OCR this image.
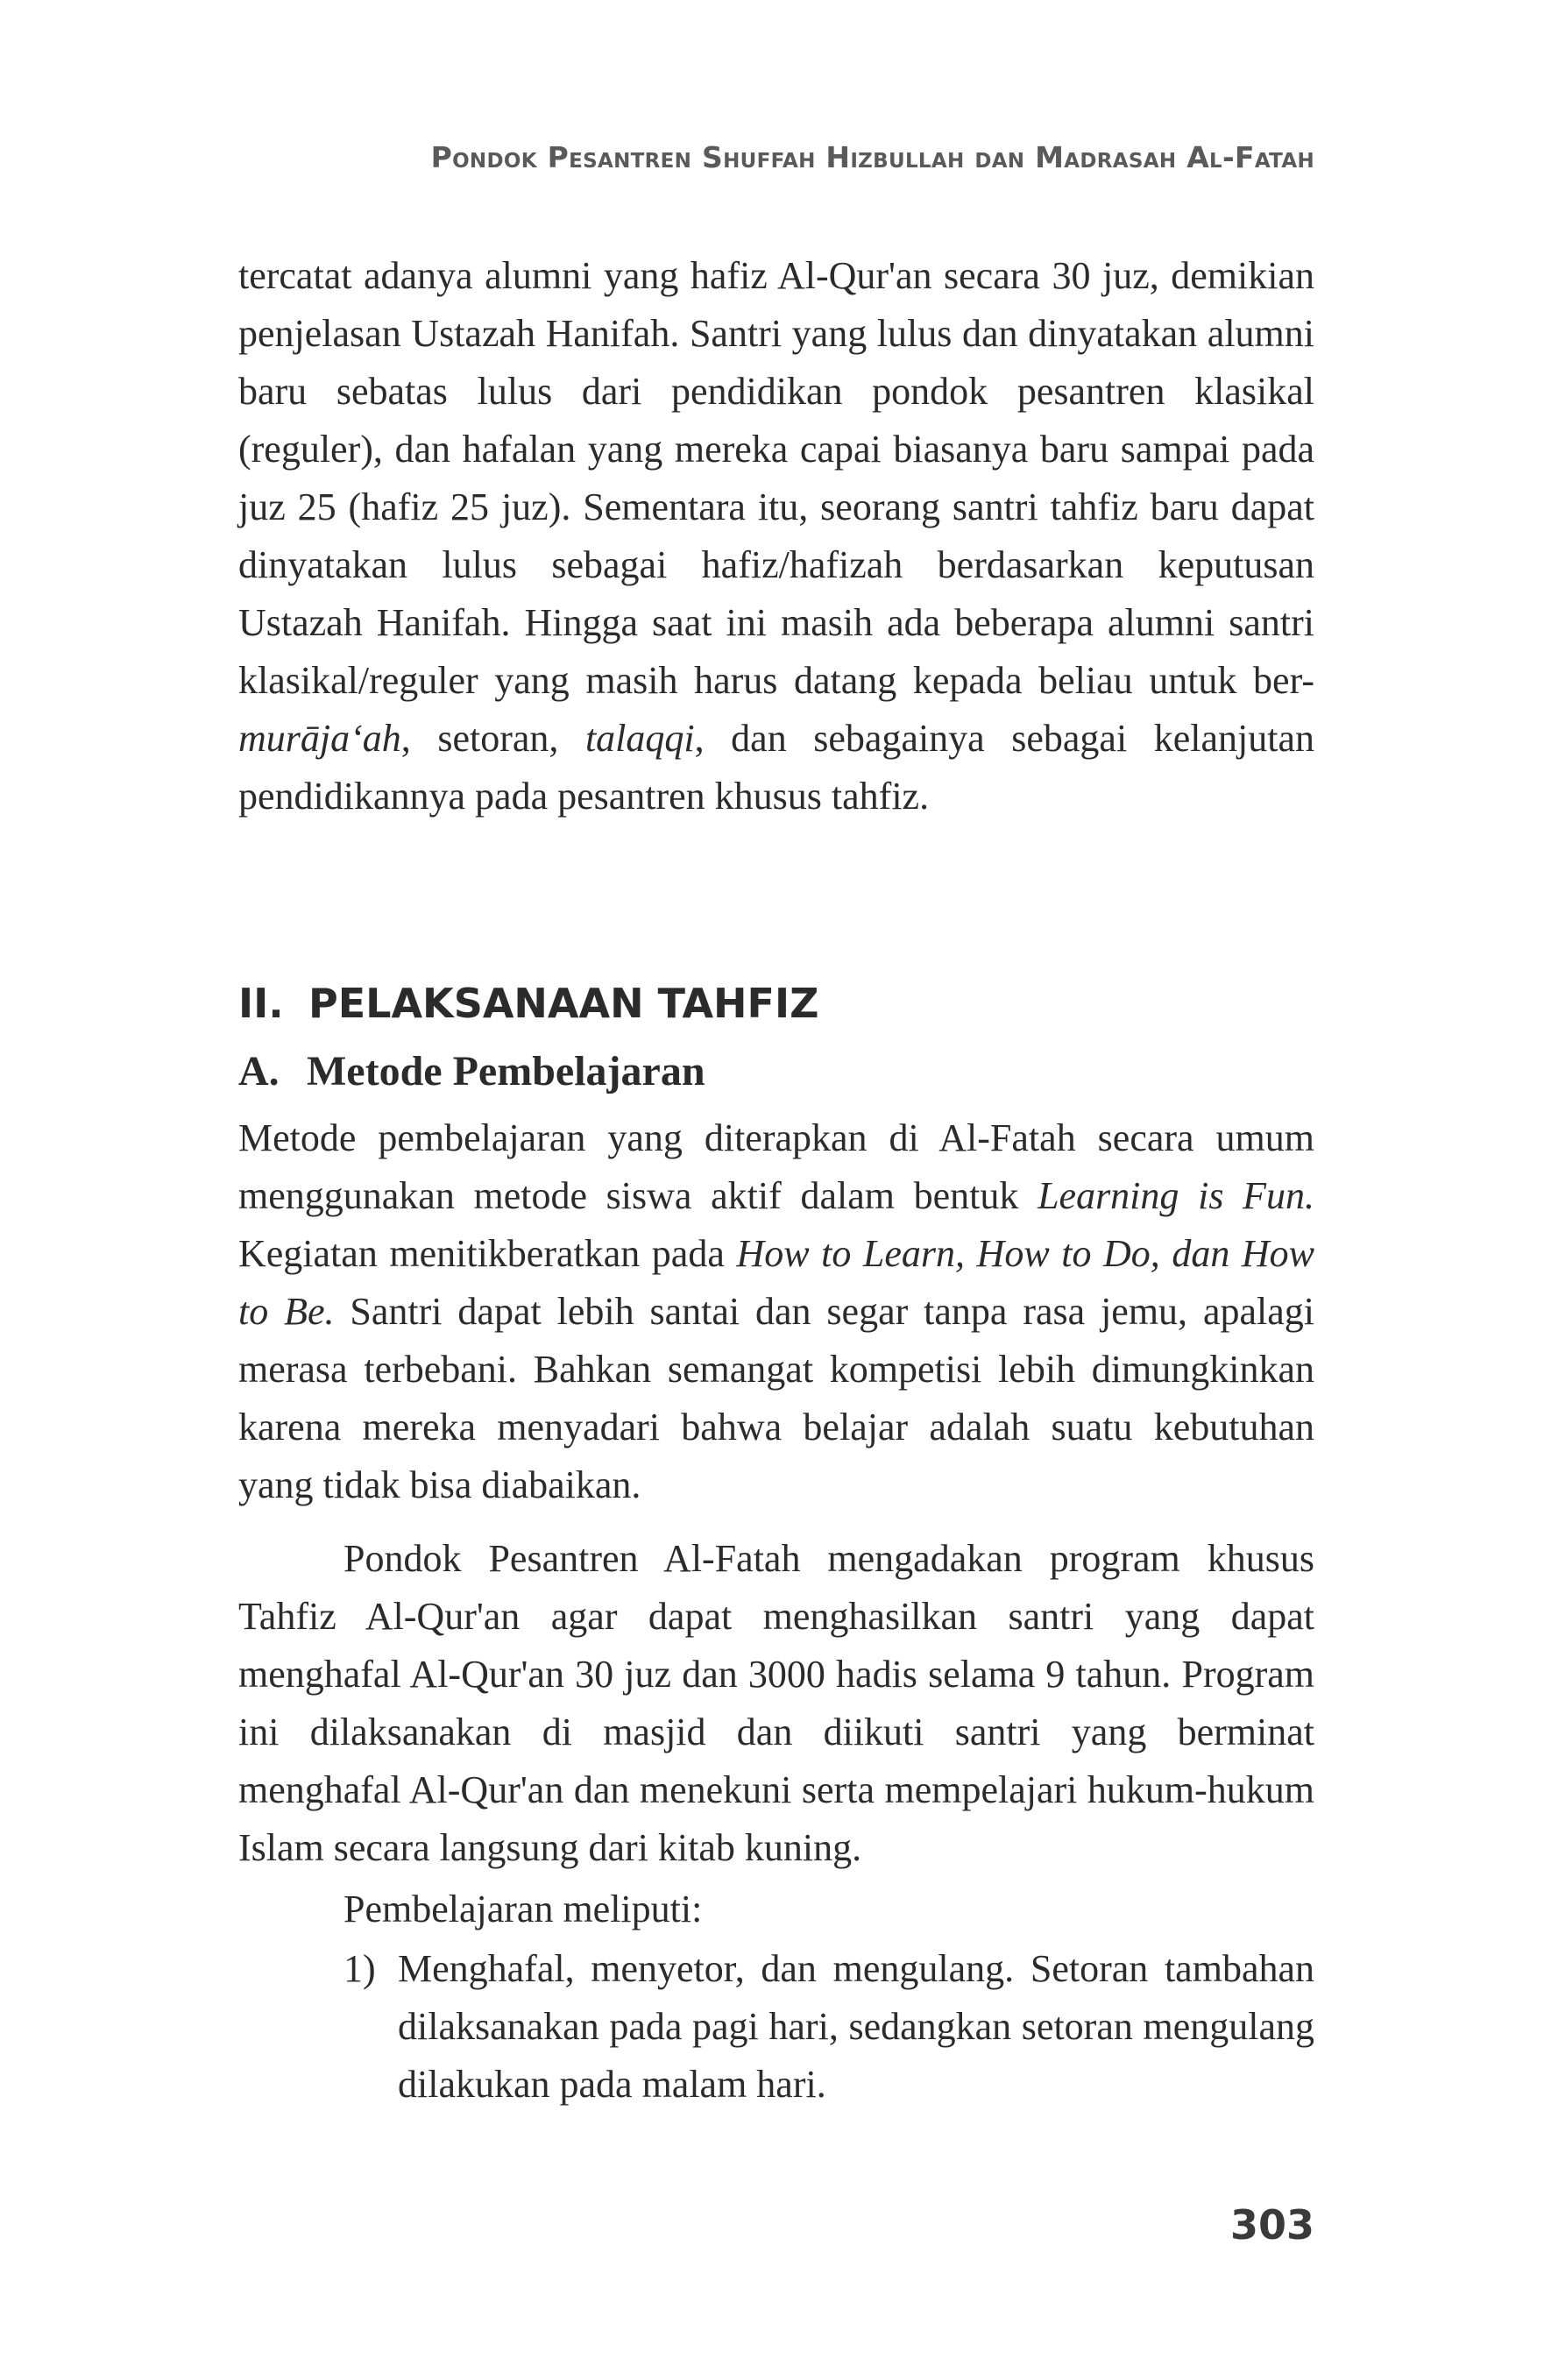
Pondok Pesantren Shuffah Hizbullah dan Madrasah Al-Fatah

tercatat adanya alumni yang hafiz Al-Qur'an secara 30 juz, demikian penjelasan Ustazah Hanifah. Santri yang lulus dan dinyatakan alumni baru sebatas lulus dari pendidikan pondok pesantren klasikal (reguler), dan hafalan yang mereka capai biasanya baru sampai pada juz 25 (hafiz 25 juz). Sementara itu, seorang santri tahfiz baru dapat dinyatakan lulus sebagai hafiz/hafizah berdasarkan keputusan Ustazah Hanifah. Hingga saat ini masih ada beberapa alumni santri klasikal/reguler yang masih harus datang kepada beliau untuk ber-murāja‘ah, setoran, talaqqi, dan sebagainya sebagai kelanjutan pendidikannya pada pesantren khusus tahfiz.

II. PELAKSANAAN TAHFIZ
A. Metode Pembelajaran

Metode pembelajaran yang diterapkan di Al-Fatah secara umum menggunakan metode siswa aktif dalam bentuk Learning is Fun. Kegiatan menitikberatkan pada How to Learn, How to Do, dan How to Be. Santri dapat lebih santai dan segar tanpa rasa jemu, apalagi merasa terbebani. Bahkan semangat kompetisi lebih dimungkinkan karena mereka menyadari bahwa belajar adalah suatu kebutuhan yang tidak bisa diabaikan.

Pondok Pesantren Al-Fatah mengadakan program khusus Tahfiz Al-Qur'an agar dapat menghasilkan santri yang dapat menghafal Al-Qur'an 30 juz dan 3000 hadis selama 9 tahun. Program ini dilaksanakan di masjid dan diikuti santri yang berminat menghafal Al-Qur'an dan menekuni serta mempelajari hukum-hukum Islam secara langsung dari kitab kuning.
Pembelajaran meliputi:
1) Menghafal, menyetor, dan mengulang. Setoran tambahan dilaksanakan pada pagi hari, sedangkan setoran mengulang dilakukan pada malam hari.
303
